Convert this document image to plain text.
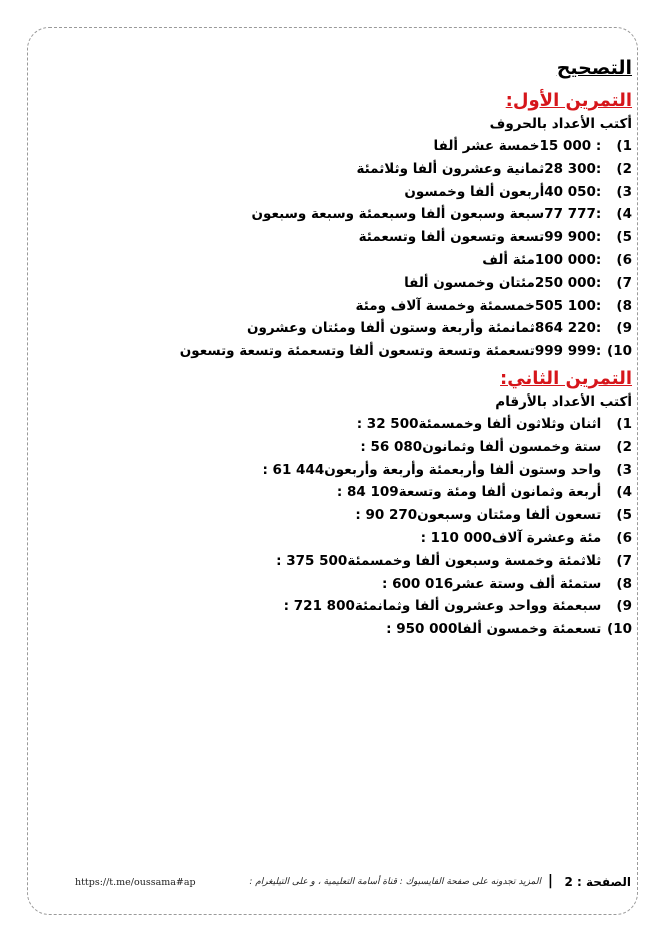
التصحيح
التمرين الأول:
أكتب الأعداد بالحروف
1) : 000 15خمسة عشر ألفا
2) :300 28ثمانية وعشرون ألفا وثلاثمئة
3) :050 40أربعون ألفا وخمسون
4) :777 77سبعة وسبعون ألفا وسبعمئة وسبعة وسبعون
5) :900 99تسعة وتسعون ألفا وتسعمئة
6) :000 100مئة ألف
7) :000 250مئتان وخمسون ألفا
8) :100 505خمسمئة وخمسة آلاف ومئة
9) :220 864ثمانمئة وأربعة وستون ألفا ومئتان وعشرون
10) :999 999تسعمئة وتسعة وتسعون ألفا وتسعمئة وتسعة وتسعون
التمرين الثاني:
أكتب الأعداد بالأرقام
1) اثنان وثلاثون ألفا وخمسمئة500 32 :
2) ستة وخمسون ألفا وثمانون080 56 :
3) واحد وستون ألفا وأربعمئة وأربعة وأربعون444 61 :
4) أربعة وثمانون ألفا ومئة وتسعة109 84 :
5) تسعون ألفا ومئتان وسبعون270 90 :
6) مئة وعشرة آلاف000 110 :
7) ثلاثمئة وخمسة وسبعون ألفا وخمسمئة500 375 :
8) ستمئة ألف وستة عشر016 600 :
9) سبعمئة وواحد وعشرون ألفا وثمانمئة800 721 :
10) تسعمئة وخمسون ألفا000 950 :
الصفحة : 2
|
المزيد تجدونه على صفحة الفايسبوك : قناة أسامة التعليمية ، و على التيليغرام :
https://t.me/oussama#ap
